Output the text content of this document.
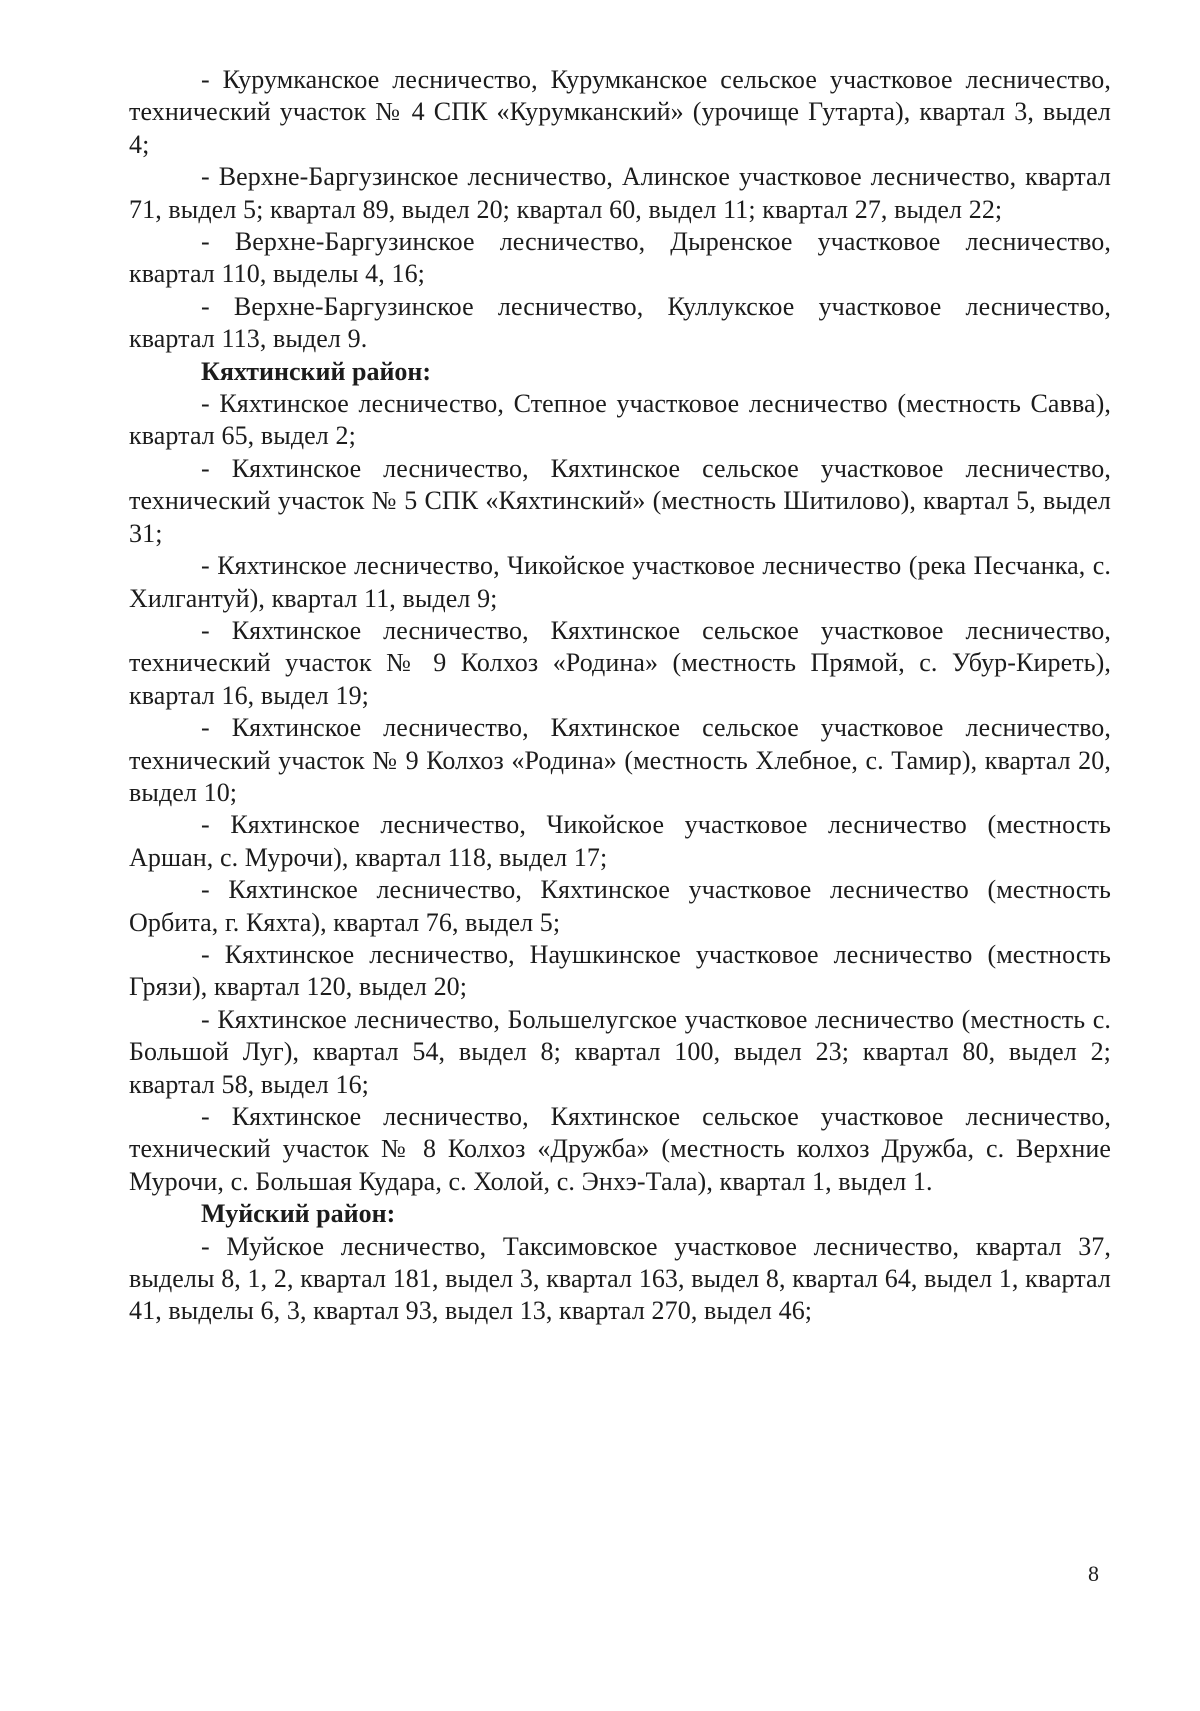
- Курумканское лесничество, Курумканское сельское участковое лесничество, технический участок № 4 СПК «Курумканский» (урочище Гутарта), квартал 3, выдел 4;

- Верхне-Баргузинское лесничество, Алинское участковое лесничество, квартал 71, выдел 5; квартал 89, выдел 20; квартал 60, выдел 11; квартал 27, выдел 22;

- Верхне-Баргузинское лесничество, Дыренское участковое лесничество, квартал 110, выделы 4, 16;

- Верхне-Баргузинское лесничество, Куллукское участковое лесничество, квартал 113, выдел 9.

Кяхтинский район:

- Кяхтинское лесничество, Степное участковое лесничество (местность Савва), квартал 65, выдел 2;

- Кяхтинское лесничество, Кяхтинское сельское участковое лесничество, технический участок № 5 СПК «Кяхтинский» (местность Шитилово), квартал 5, выдел 31;

- Кяхтинское лесничество, Чикойское участковое лесничество (река Песчанка, с. Хилгантуй), квартал 11, выдел 9;

- Кяхтинское лесничество, Кяхтинское сельское участковое лесничество, технический участок № 9 Колхоз «Родина» (местность Прямой, с. Убур-Киреть), квартал 16, выдел 19;

- Кяхтинское лесничество, Кяхтинское сельское участковое лесничество, технический участок № 9 Колхоз «Родина» (местность Хлебное, с. Тамир), квартал 20, выдел 10;

- Кяхтинское лесничество, Чикойское участковое лесничество (местность Аршан, с. Мурочи), квартал 118, выдел 17;

- Кяхтинское лесничество, Кяхтинское участковое лесничество (местность Орбита, г. Кяхта), квартал 76, выдел 5;

- Кяхтинское лесничество, Наушкинское участковое лесничество (местность Грязи), квартал 120, выдел 20;

- Кяхтинское лесничество, Большелугское участковое лесничество (местность с. Большой Луг), квартал 54, выдел 8; квартал 100, выдел 23; квартал 80, выдел 2; квартал 58, выдел 16;

- Кяхтинское лесничество, Кяхтинское сельское участковое лесничество, технический участок № 8 Колхоз «Дружба» (местность колхоз Дружба, с. Верхние Мурочи, с. Большая Кудара, с. Холой, с. Энхэ-Тала), квартал 1, выдел 1.

Муйский район:

- Муйское лесничество, Таксимовское участковое лесничество, квартал 37, выделы 8, 1, 2, квартал 181, выдел 3, квартал 163, выдел 8, квартал 64, выдел 1, квартал 41, выделы 6, 3, квартал 93, выдел 13, квартал 270, выдел 46;

8
